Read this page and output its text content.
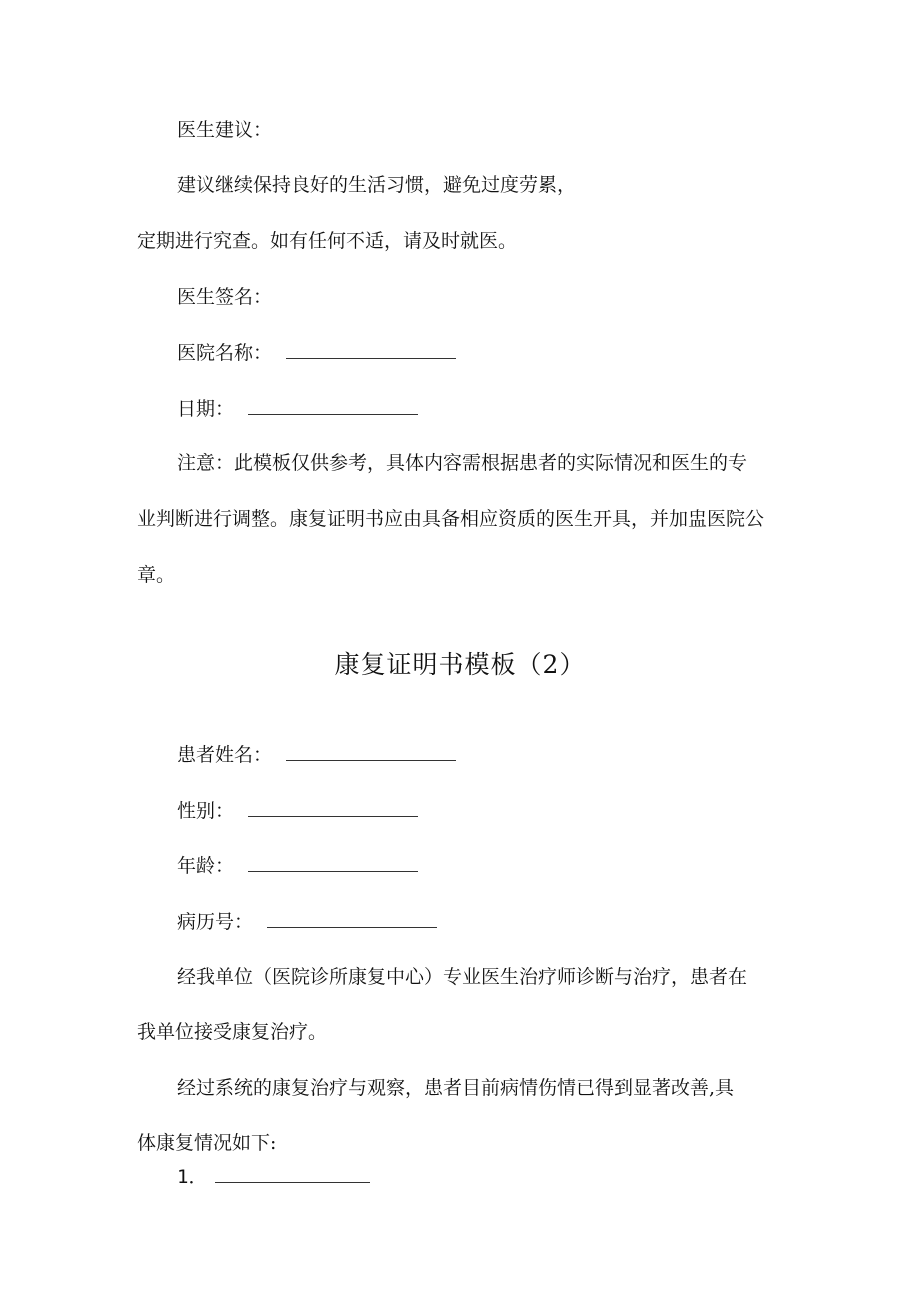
医生建议：
建议继续保持良好的生活习惯，避免过度劳累，
定期进行究查。如有任何不适，请及时就医。
医生签名：
医院名称：
日期：
注意：此模板仅供参考，具体内容需根据患者的实际情况和医生的专
业判断进行调整。康复证明书应由具备相应资质的医生开具，并加盅医院公
章。
康复证明书模板（2）
患者姓名：
性别：
年龄：
病历号：
经我单位（医院诊所康复中心）专业医生治疗师诊断与治疗，患者在
我单位接受康复治疗。
经过系统的康复治疗与观察，患者目前病情伤情已得到显著改善,具
体康复情况如下:
1．
